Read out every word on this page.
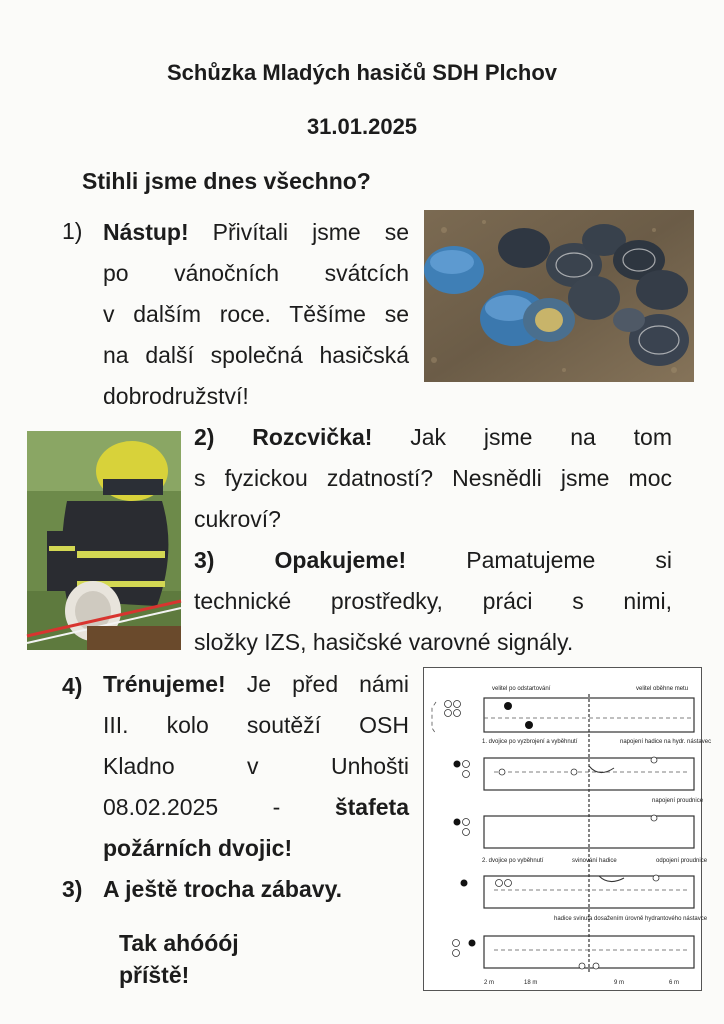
Schůzka Mladých hasičů SDH Plchov
31.01.2025
Stihli jsme dnes všechno?
1) Nástup! Přivítali jsme se
po vánočních svátcích
v dalším roce. Těšíme se
na další společná hasičská
dobrodružství!
2) Rozcvička! Jak jsme na tom
s fyzickou zdatností? Nesnědli jsme moc
cukroví?
3)	Opakujeme!	Pamatujeme si
technické prostředky, práci s nimi,
složky IZS, hasičské varovné signály.
4) Trénujeme! Je před námi
III. kolo soutěží OSH
Kladno v Unhošti
08.02.2025 - štafeta
požárních dvojic!
3) A ještě trocha zábavy.
Tak ahóóój
příště!
velitel po odstartování	velitel oběhne metu
1. dvojice po vyzbrojení a vyběhnutí	napojení hadice na hydr. nástavec
napojení proudnice
2. dvojice po vyběhnutí	svinování hadice	odpojení proudnice
hadice svinuta dosažením úrovně hydrantového nástavce
2 m	18 m	9 m	6 m
